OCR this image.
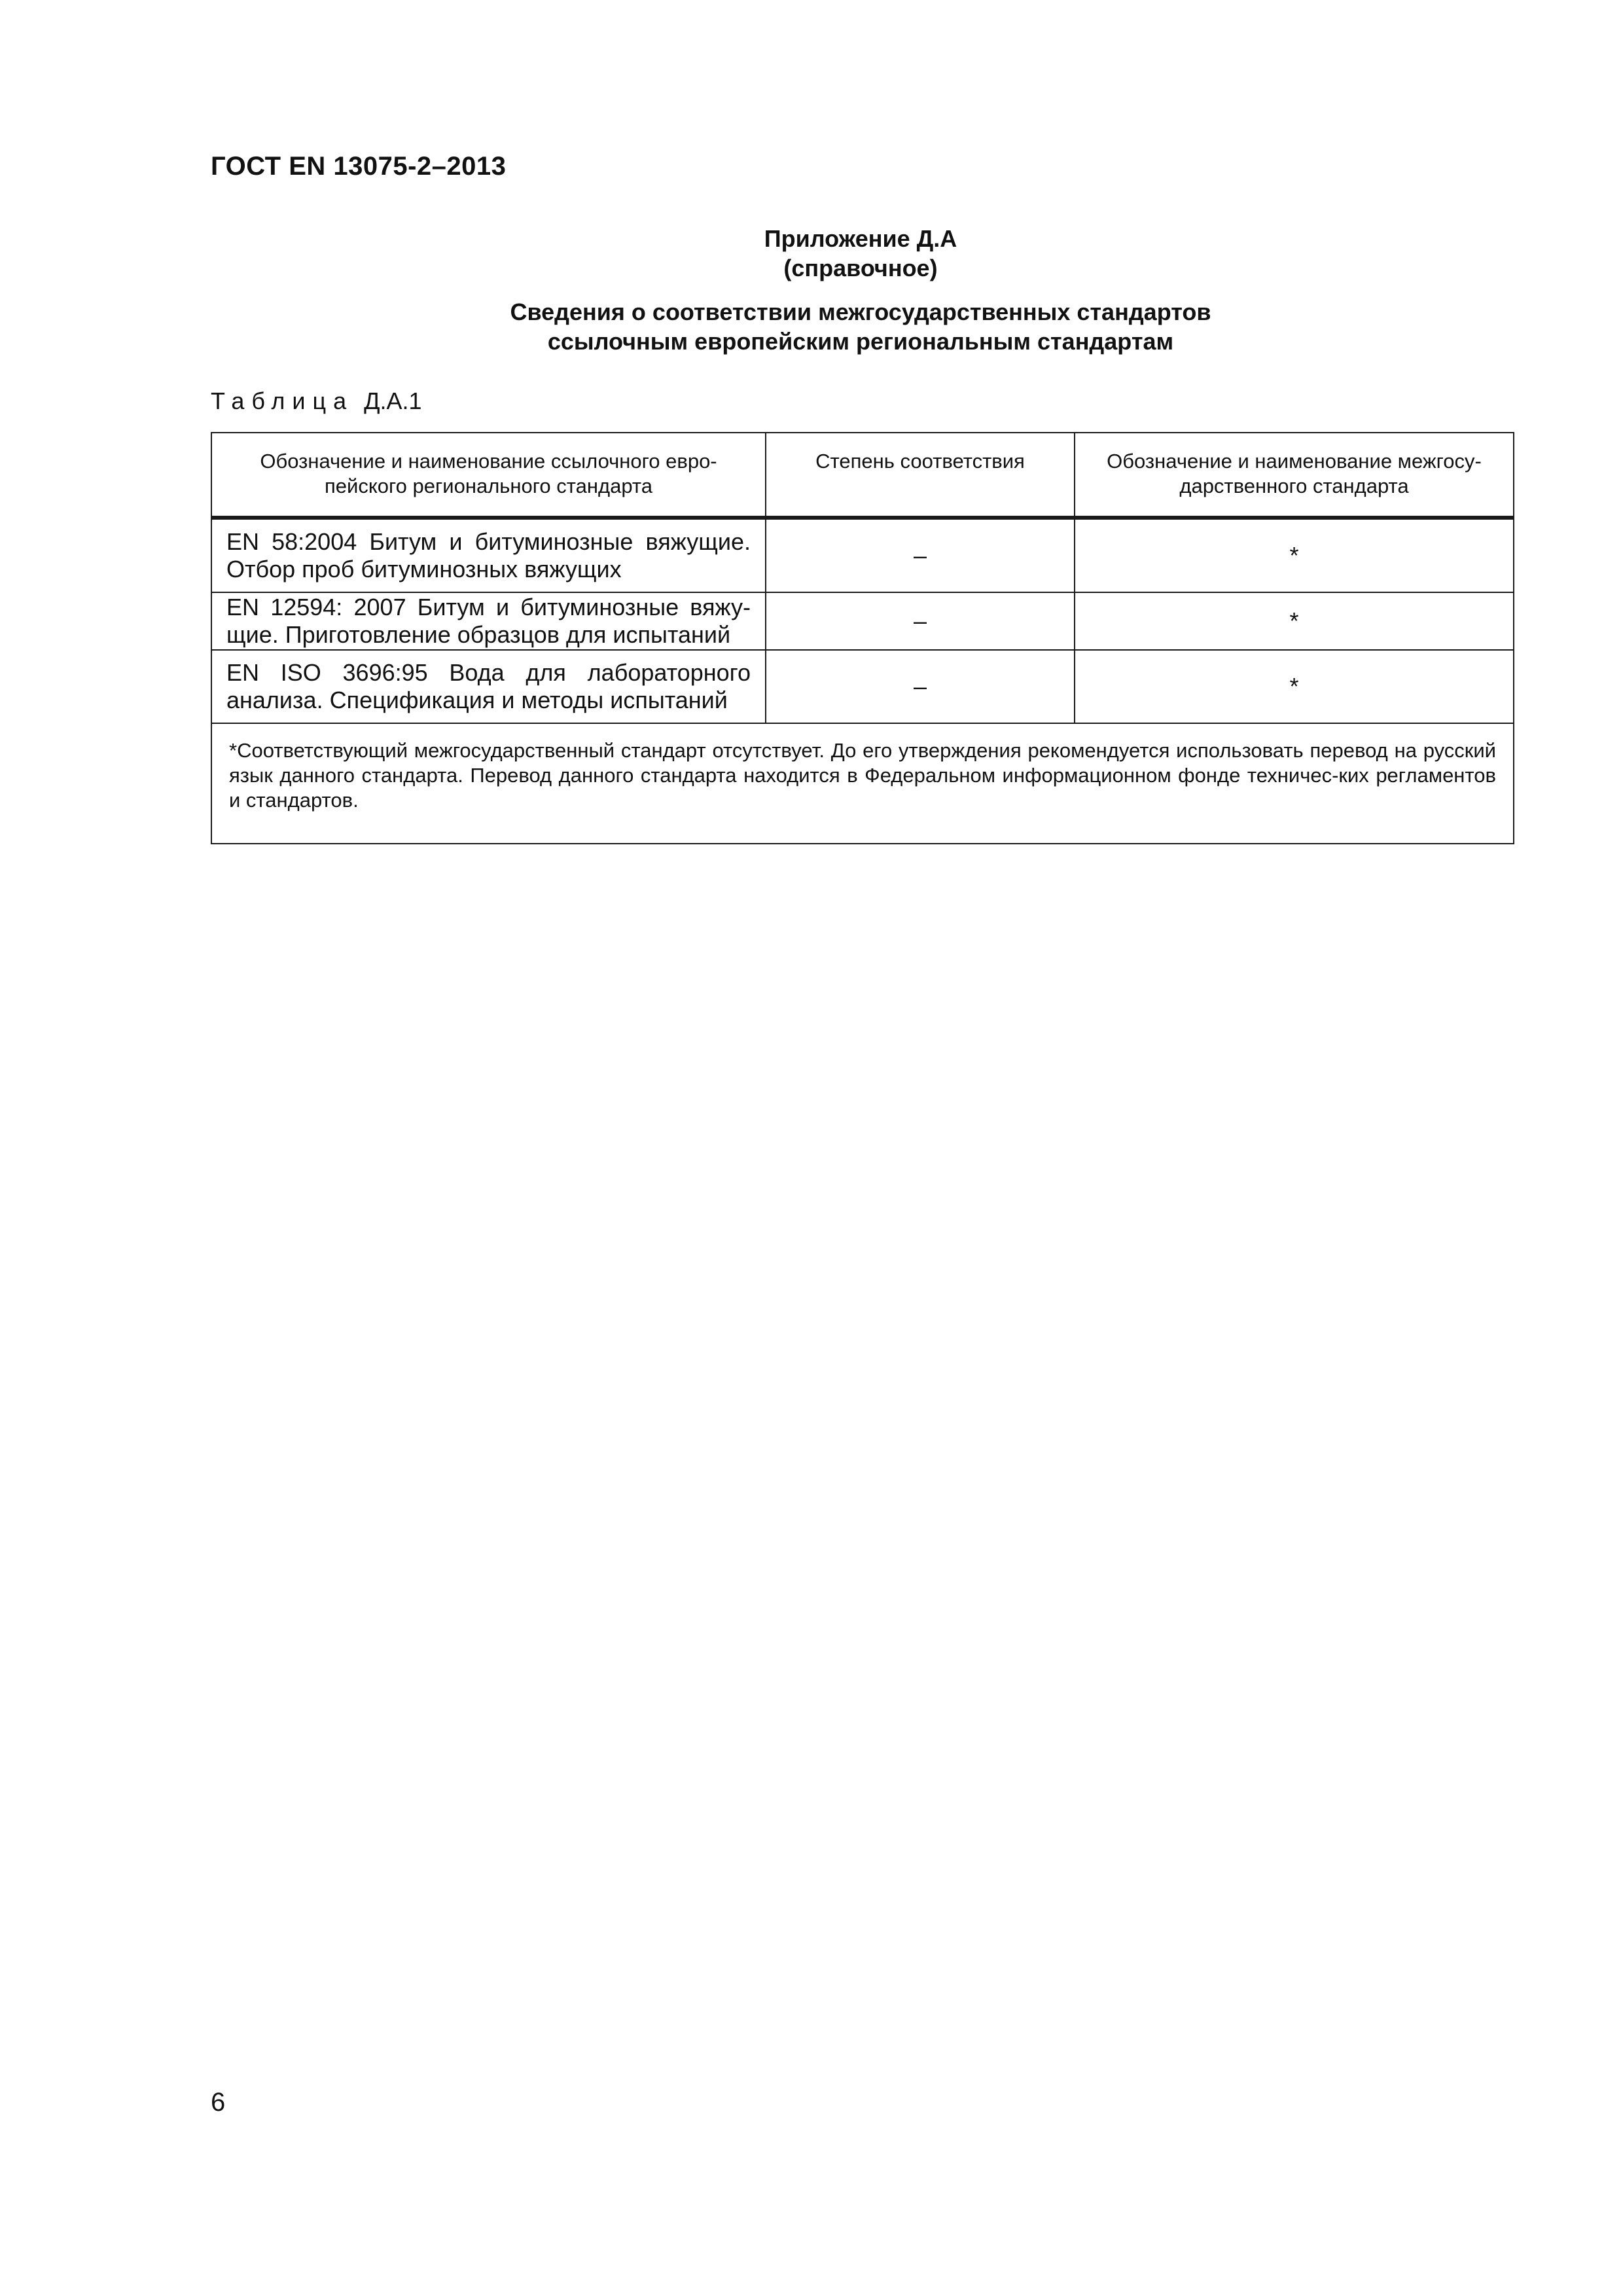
ГОСТ EN 13075-2–2013
Приложение Д.А
(справочное)
Сведения о соответствии межгосударственных стандартов
ссылочным европейским региональным стандартам
Таблица Д.А.1
Обозначение и наименование ссылочного евро-пейского регионального стандарта	Степень соответствия	Обозначение и наименование межгосу-дарственного стандарта

EN 58:2004 Битум и битуминозные вяжущие.

Отбор проб битуминозных вяжущих	–	*
EN 12594: 2007 Битум и битуминозные вяжу-

щие. Приготовление образцов для испытаний	–	*
EN ISO 3696:95 Вода для лабораторного

анализа. Спецификация и методы испытаний	–	*
*Соответствующий межгосударственный стандарт отсутствует. До его утверждения рекомендуется использовать перевод на русский язык данного стандарта. Перевод данного стандарта находится в Федеральном информационном фонде техничес-ких регламентов и стандартов.		
6
